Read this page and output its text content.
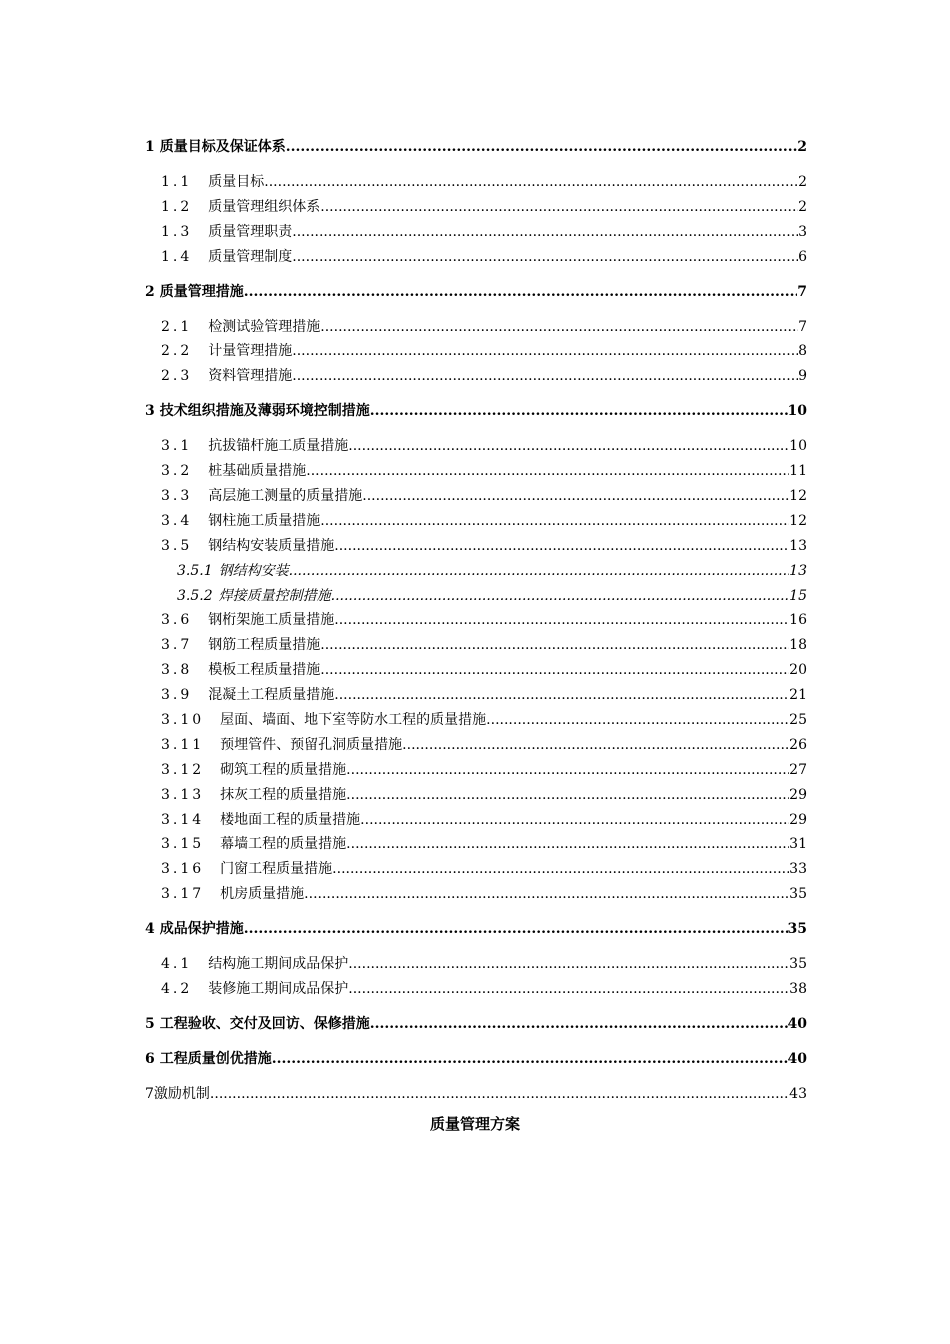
1 质量目标及保证体系 .....	2
1.1 质量目标 .....	2
1.2 质量管理组织体系 .....	2
1.3 质量管理职责 .....	3
1.4 质量管理制度 .....	6
2 质量管理措施 .....	7
2.1 检测试验管理措施 .....	7
2.2 计量管理措施 .....	8
2.3 资料管理措施 .....	9
3 技术组织措施及薄弱环境控制措施 .....	10
3.1 抗拔锚杆施工质量措施 .....	10
3.2 桩基础质量措施 .....	11
3.3 高层施工测量的质量措施 .....	12
3.4 钢柱施工质量措施 .....	12
3.5 钢结构安装质量措施 .....	13
3.5.1 钢结构安装 .....	13
3.5.2 焊接质量控制措施 .....	15
3.6 钢桁架施工质量措施 .....	16
3.7 钢筋工程质量措施 .....	18
3.8 模板工程质量措施 .....	20
3.9 混凝土工程质量措施 .....	21
3.10 屋面、墙面、地下室等防水工程的质量措施 .....	25
3.11 预埋管件、预留孔洞质量措施 .....	26
3.12 砌筑工程的质量措施 .....	27
3.13 抹灰工程的质量措施 .....	29
3.14 楼地面工程的质量措施 .....	29
3.15 幕墙工程的质量措施 .....	31
3.16 门窗工程质量措施 .....	33
3.17 机房质量措施 .....	35
4 成品保护措施 .....	35
4.1 结构施工期间成品保护 .....	35
4.2 装修施工期间成品保护 .....	38
5 工程验收、交付及回访、保修措施 .....	40
6 工程质量创优措施 .....	40
7激励机制 .....	43
质量管理方案
